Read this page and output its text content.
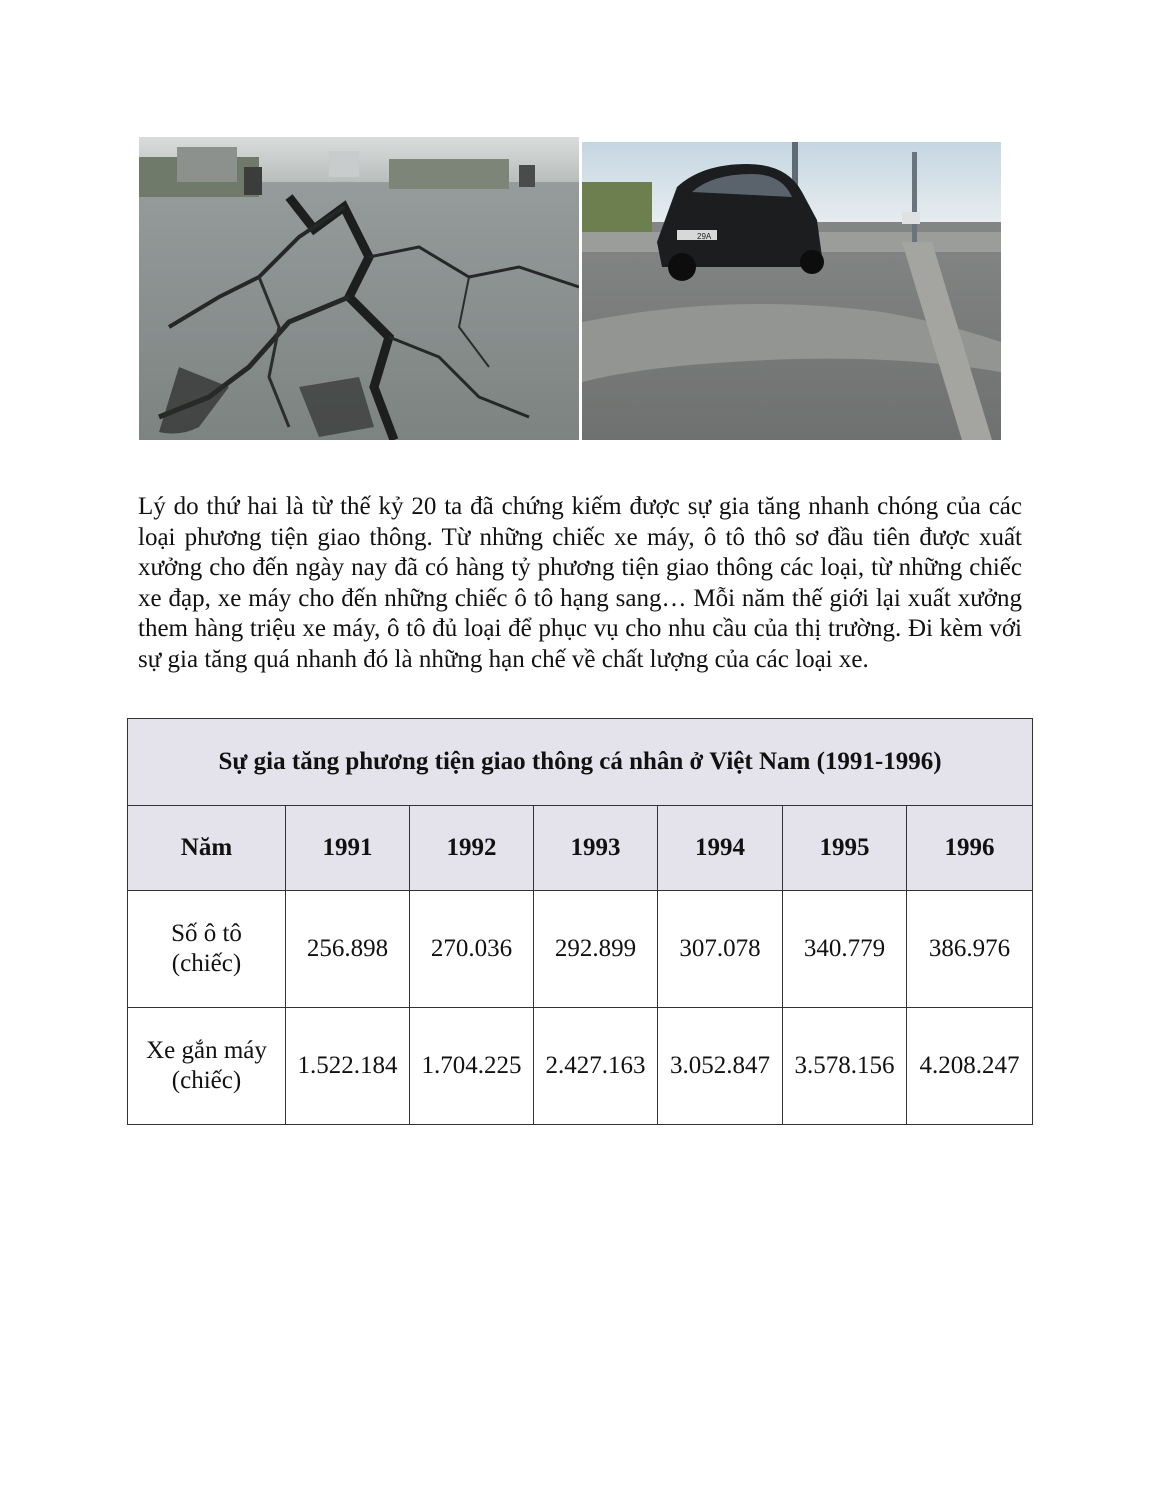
29A

Lý do thứ hai là từ thế kỷ 20 ta đã chứng kiếm được sự gia tăng nhanh chóng của các loại phương tiện giao thông. Từ những chiếc xe máy, ô tô thô sơ đầu tiên được xuất xưởng cho đến ngày nay đã có hàng tỷ phương tiện giao thông các loại, từ những chiếc xe đạp, xe máy cho đến những chiếc ô tô hạng sang… Mỗi năm thế giới lại xuất xưởng them hàng triệu xe máy, ô tô đủ loại để phục vụ cho nhu cầu của thị trường. Đi kèm với sự gia tăng quá nhanh đó là những hạn chế về chất lượng của các loại xe.

Sự gia tăng phương tiện giao thông cá nhân ở Việt Nam (1991-1996)						
Năm	1991	1992	1993	1994	1995	1996
Số ô tô
(chiếc)	256.898	270.036	292.899	307.078	340.779	386.976
Xe gắn máy
(chiếc)	1.522.184	1.704.225	2.427.163	3.052.847	3.578.156	4.208.247
